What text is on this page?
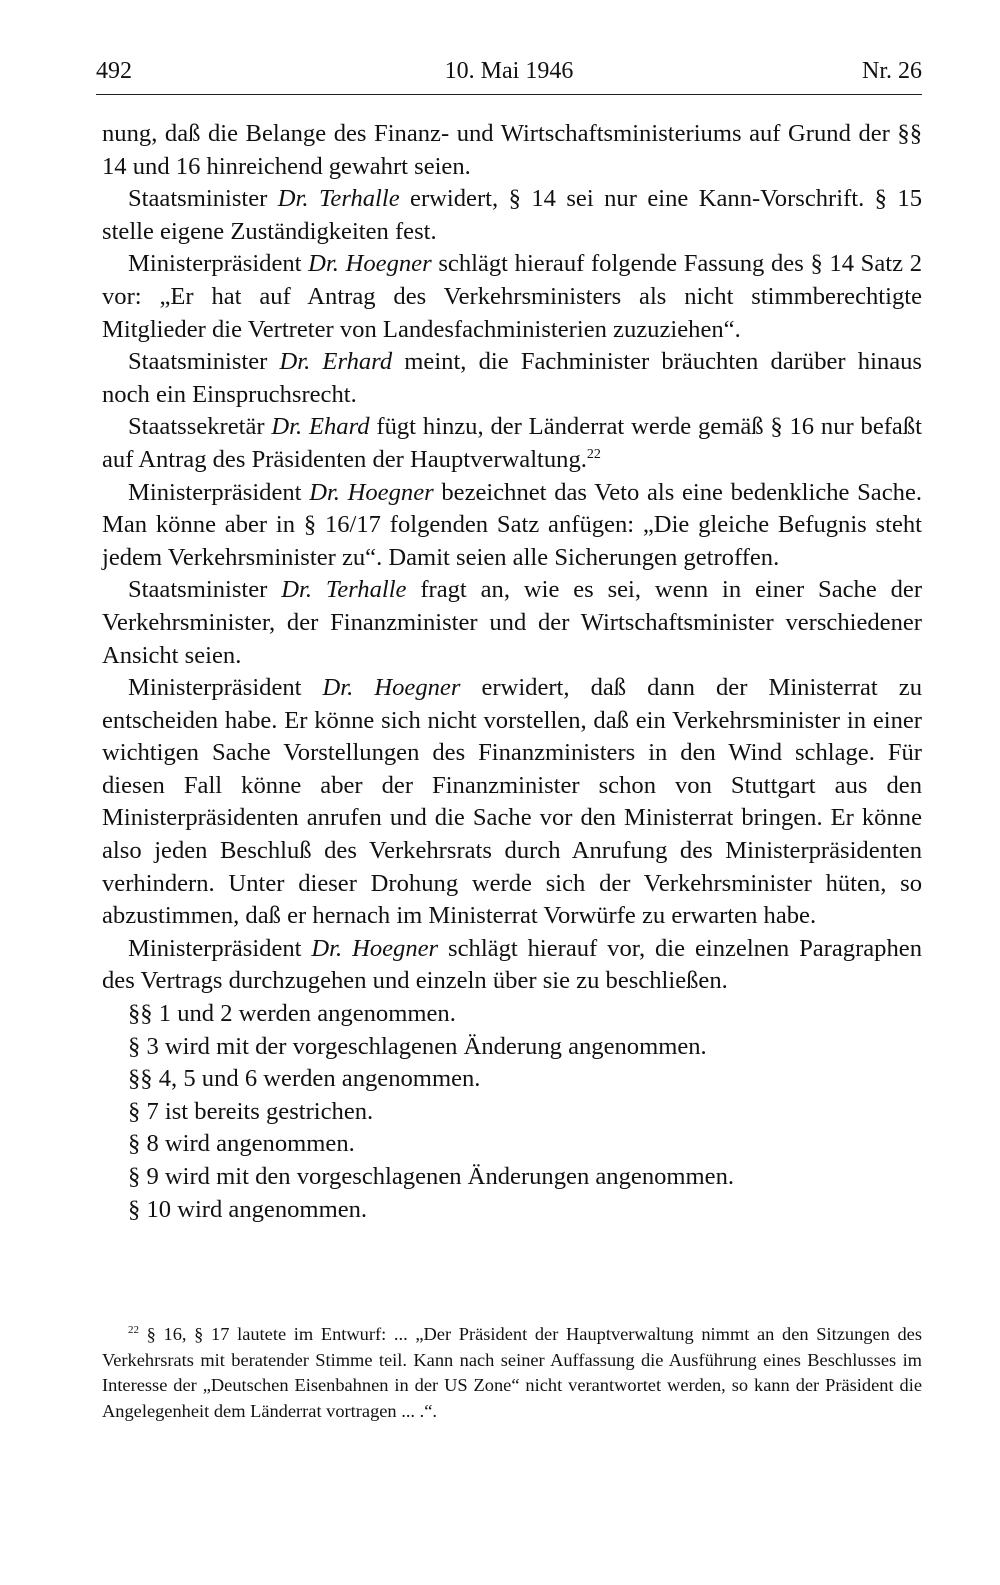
492	10. Mai 1946	Nr. 26

nung, daß die Belange des Finanz- und Wirtschaftsministeriums auf Grund der §§ 14 und 16 hinreichend gewahrt seien.

Staatsminister Dr. Terhalle erwidert, § 14 sei nur eine Kann-Vorschrift. § 15 stelle eigene Zuständigkeiten fest.

Ministerpräsident Dr. Hoegner schlägt hierauf folgende Fassung des § 14 Satz 2 vor: „Er hat auf Antrag des Verkehrsministers als nicht stimmberechtigte Mitglieder die Vertreter von Landesfachministerien zuzuziehen“.

Staatsminister Dr. Erhard meint, die Fachminister bräuchten darüber hinaus noch ein Einspruchsrecht.

Staatssekretär Dr. Ehard fügt hinzu, der Länderrat werde gemäß § 16 nur befaßt auf Antrag des Präsidenten der Hauptverwaltung.$^{22}$

Ministerpräsident Dr. Hoegner bezeichnet das Veto als eine bedenkliche Sache. Man könne aber in § 16/17 folgenden Satz anfügen: „Die gleiche Befugnis steht jedem Verkehrsminister zu“. Damit seien alle Sicherungen getroffen.

Staatsminister Dr. Terhalle fragt an, wie es sei, wenn in einer Sache der Verkehrsminister, der Finanzminister und der Wirtschaftsminister verschiedener Ansicht seien.

Ministerpräsident Dr. Hoegner erwidert, daß dann der Ministerrat zu entscheiden habe. Er könne sich nicht vorstellen, daß ein Verkehrsminister in einer wichtigen Sache Vorstellungen des Finanzministers in den Wind schlage. Für diesen Fall könne aber der Finanzminister schon von Stuttgart aus den Ministerpräsidenten anrufen und die Sache vor den Ministerrat bringen. Er könne also jeden Beschluß des Verkehrsrats durch Anrufung des Ministerpräsidenten verhindern. Unter dieser Drohung werde sich der Verkehrsminister hüten, so abzustimmen, daß er hernach im Ministerrat Vorwürfe zu erwarten habe.

Ministerpräsident Dr. Hoegner schlägt hierauf vor, die einzelnen Paragraphen des Vertrags durchzugehen und einzeln über sie zu beschließen.

§§ 1 und 2 werden angenommen.

§ 3 wird mit der vorgeschlagenen Änderung angenommen.

§§ 4, 5 und 6 werden angenommen.

§ 7 ist bereits gestrichen.

§ 8 wird angenommen.

§ 9 wird mit den vorgeschlagenen Änderungen angenommen.

§ 10 wird angenommen.

$^{22}$ § 16, § 17 lautete im Entwurf: ... „Der Präsident der Hauptverwaltung nimmt an den Sitzungen des Verkehrsrats mit beratender Stimme teil. Kann nach seiner Auffassung die Ausführung eines Beschlusses im Interesse der „Deutschen Eisenbahnen in der US Zone“ nicht verantwortet werden, so kann der Präsident die Angelegenheit dem Länderrat vortragen ... .“.
